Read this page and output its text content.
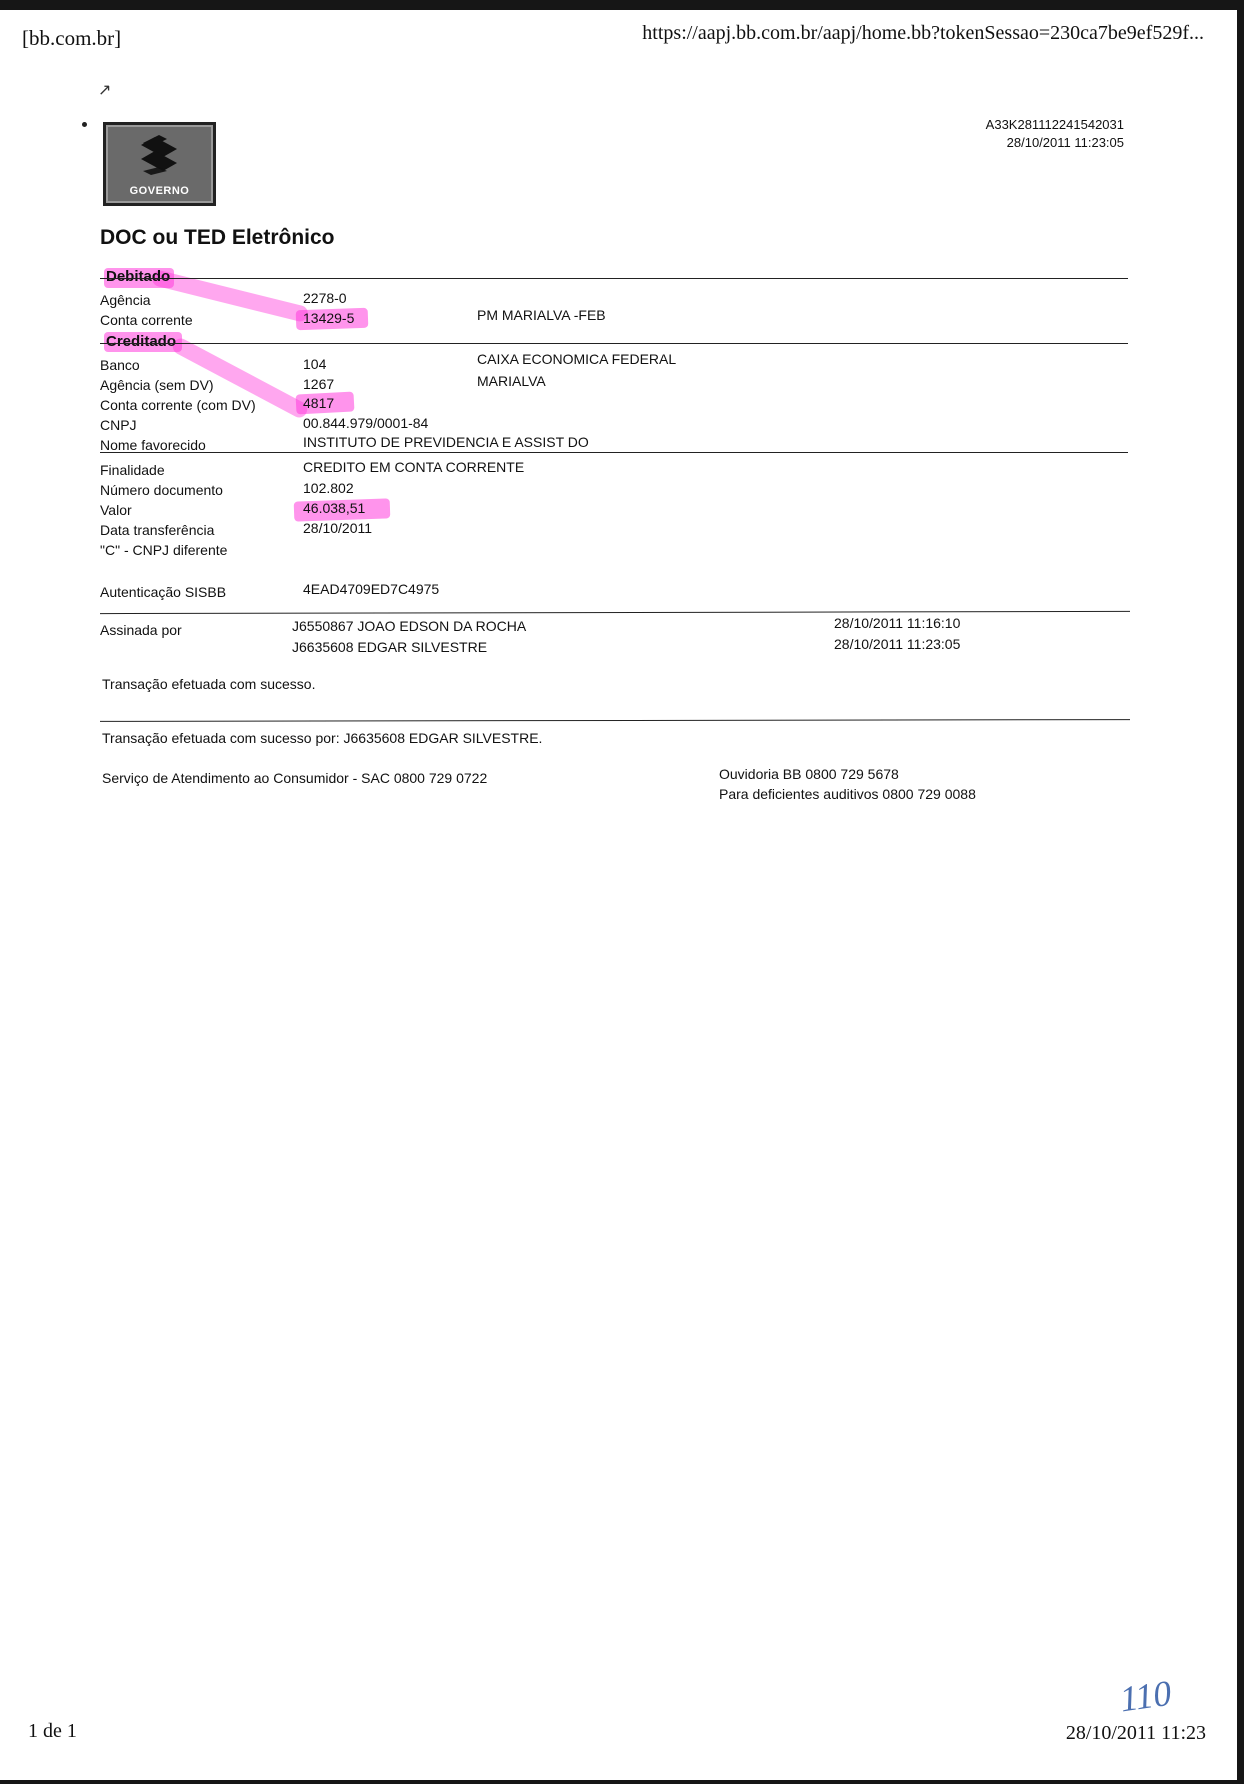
[bb.com.br]	https://aapj.bb.com.br/aapj/home.bb?tokenSessao=230ca7be9ef529f...
1 de 1	28/10/2011 11:23
110
↗
GOVERNO
A33K281112241542031
28/10/2011 11:23:05
DOC ou TED Eletrônico
Debitado
Agência	2278-0
Conta corrente	13429-5	PM MARIALVA -FEB
Creditado
Banco	104	CAIXA ECONOMICA FEDERAL
Agência (sem DV)	1267	MARIALVA
Conta corrente (com DV)	4817
CNPJ	00.844.979/0001-84
Nome favorecido	INSTITUTO DE PREVIDENCIA E ASSIST DO
Finalidade	CREDITO EM CONTA CORRENTE
Número documento	102.802
Valor	46.038,51
Data transferência	28/10/2011
"C" - CNPJ diferente
Autenticação SISBB	4EAD4709ED7C4975
Assinada por	J6550867 JOAO EDSON DA ROCHA	28/10/2011 11:16:10
J6635608 EDGAR SILVESTRE	28/10/2011 11:23:05
Transação efetuada com sucesso.
Transação efetuada com sucesso por: J6635608 EDGAR SILVESTRE.
Serviço de Atendimento ao Consumidor - SAC 0800 729 0722	Ouvidoria BB 0800 729 5678
Para deficientes auditivos 0800 729 0088
